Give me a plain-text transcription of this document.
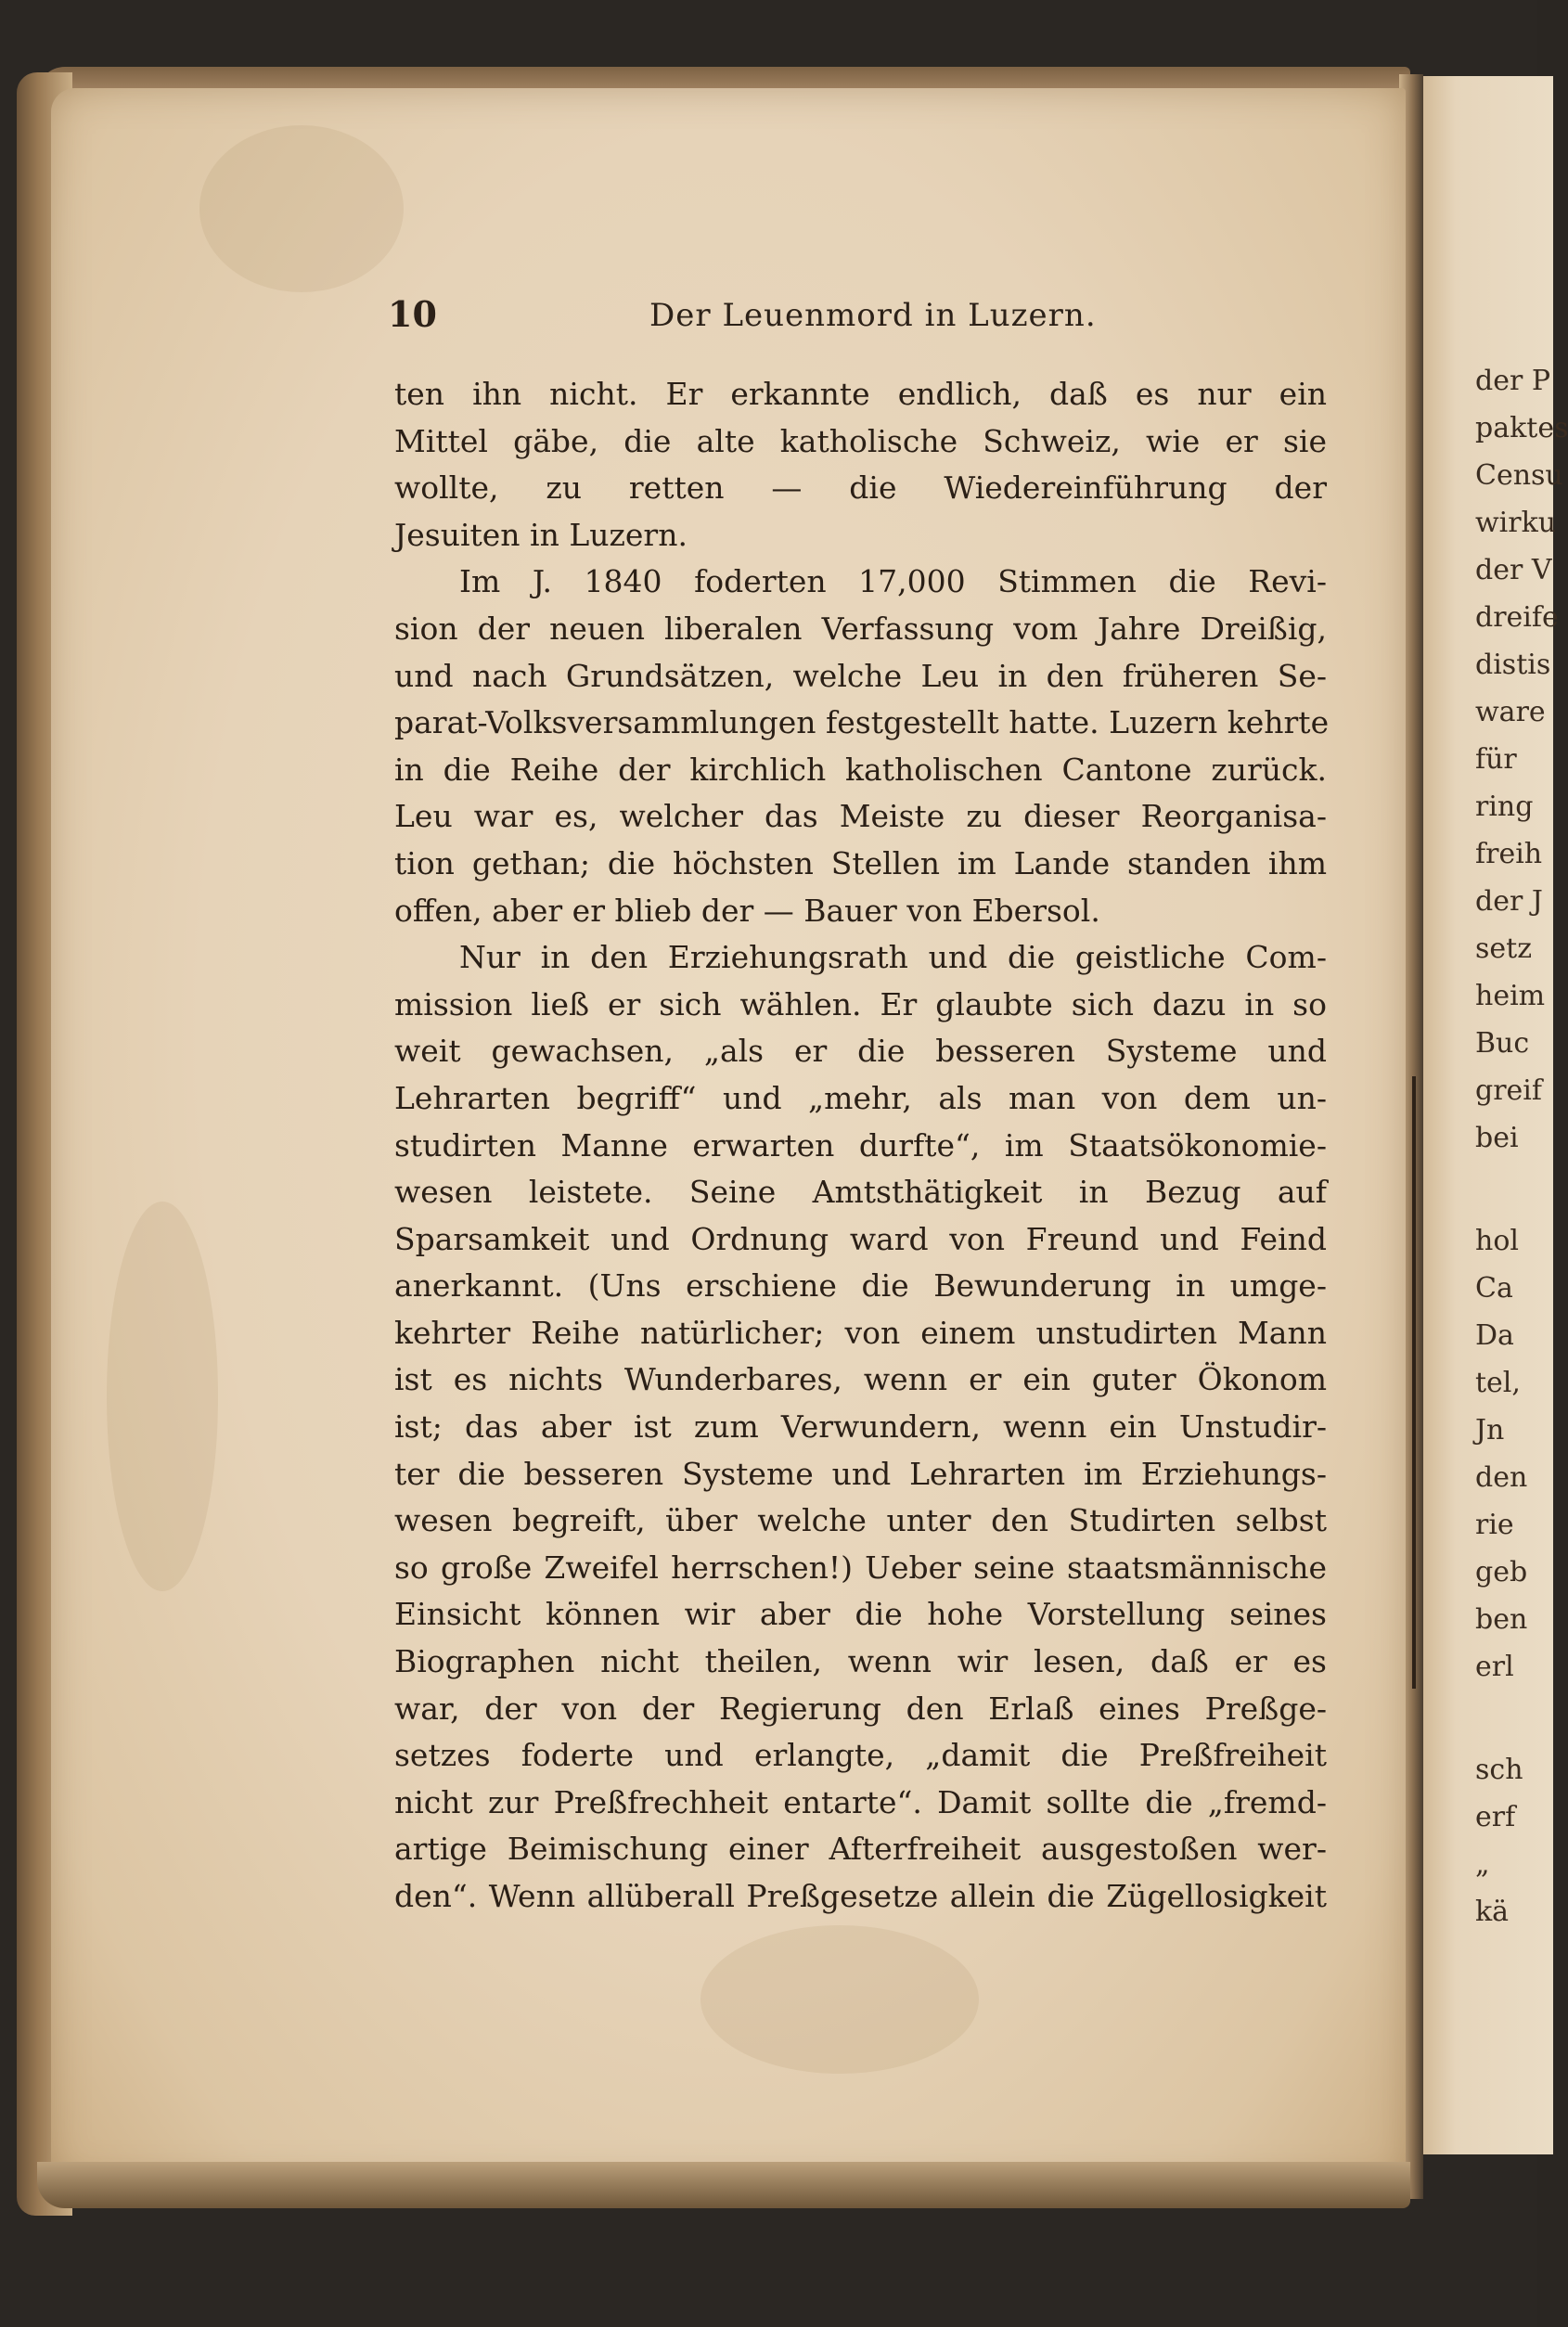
der P
paktes
Censu
wirku
der V
dreife
distis
ware
für
ring
freih
der J
setz
heim
Buc
greif
bei
hol
Ca
Da
tel,
Jn
den
rie
geb
ben
erl
sch
erf
„
kä
10	Der Leuenmord in Luzern.
ten ihn nicht. Er erkannte endlich, daß es nur ein
Mittel gäbe, die alte katholische Schweiz, wie er sie
wollte, zu retten — die Wiedereinführung der
Jesuiten in Luzern.
Im J. 1840 foderten 17,000 Stimmen die Revi-
sion der neuen liberalen Verfassung vom Jahre Dreißig,
und nach Grundsätzen, welche Leu in den früheren Se-
parat-Volksversammlungen festgestellt hatte. Luzern kehrte
in die Reihe der kirchlich katholischen Cantone zurück.
Leu war es, welcher das Meiste zu dieser Reorganisa-
tion gethan; die höchsten Stellen im Lande standen ihm
offen, aber er blieb der — Bauer von Ebersol.
Nur in den Erziehungsrath und die geistliche Com-
mission ließ er sich wählen. Er glaubte sich dazu in so
weit gewachsen, „als er die besseren Systeme und
Lehrarten begriff“ und „mehr, als man von dem un-
studirten Manne erwarten durfte“, im Staatsökonomie-
wesen leistete. Seine Amtsthätigkeit in Bezug auf
Sparsamkeit und Ordnung ward von Freund und Feind
anerkannt. (Uns erschiene die Bewunderung in umge-
kehrter Reihe natürlicher; von einem unstudirten Mann
ist es nichts Wunderbares, wenn er ein guter Ökonom
ist; das aber ist zum Verwundern, wenn ein Unstudir-
ter die besseren Systeme und Lehrarten im Erziehungs-
wesen begreift, über welche unter den Studirten selbst
so große Zweifel herrschen!) Ueber seine staatsmännische
Einsicht können wir aber die hohe Vorstellung seines
Biographen nicht theilen, wenn wir lesen, daß er es
war, der von der Regierung den Erlaß eines Preßge-
setzes foderte und erlangte, „damit die Preßfreiheit
nicht zur Preßfrechheit entarte“. Damit sollte die „fremd-
artige Beimischung einer Afterfreiheit ausgestoßen wer-
den“. Wenn allüberall Preßgesetze allein die Zügellosigkeit
